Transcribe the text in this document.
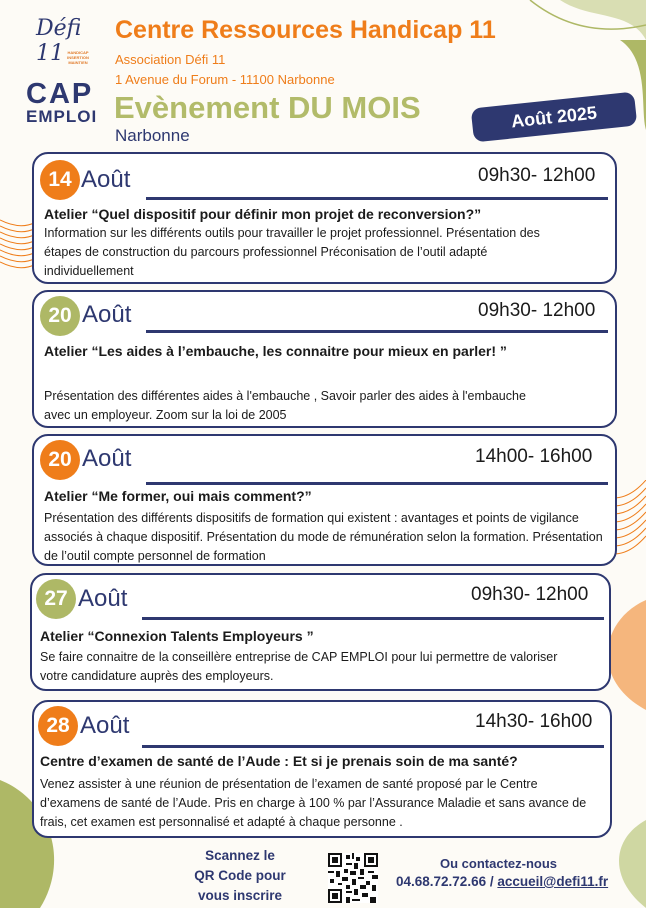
Défi 11 HANDICAP INSERTION MAINTIEN
CAP
EMPLOI
Centre Ressources Handicap 11
Association Défi 11
1 Avenue du Forum - 11100 Narbonne
Evènement DU MOIS
Narbonne
Août 2025
14 Août	09h30- 12h00
Atelier “Quel dispositif pour définir mon projet de reconversion?”
Information sur les différents outils pour travailler le projet professionnel. Présentation des étapes de construction du parcours professionnel Préconisation de l’outil adapté individuellement
20 Août	09h30- 12h00
Atelier “Les aides à l’embauche, les connaitre pour mieux en parler! ”
Présentation des différentes aides à l'embauche , Savoir parler des aides à l'embauche avec un employeur. Zoom sur la loi de 2005
20 Août	14h00- 16h00
Atelier “Me former, oui mais comment?”
Présentation des différents dispositifs de formation qui existent : avantages et points de vigilance associés à chaque dispositif. Présentation du mode de rémunération selon la formation. Présentation de l’outil compte personnel de formation
27 Août	09h30- 12h00
Atelier “Connexion Talents Employeurs ”
Se faire connaitre de la conseillère entreprise de CAP EMPLOI pour lui permettre de valoriser votre candidature auprès des employeurs.
28 Août	14h30- 16h00
Centre d’examen de santé de l’Aude : Et si je prenais soin de ma santé?
Venez assister à une réunion de présentation de l’examen de santé proposé par le Centre d’examens de santé de l’Aude. Pris en charge à 100 % par l’Assurance Maladie et sans avance de frais, cet examen est personnalisé et adapté à chaque personne .
Scannez le
QR Code pour
vous inscrire
Ou contactez-nous
04.68.72.72.66 / accueil@defi11.fr
